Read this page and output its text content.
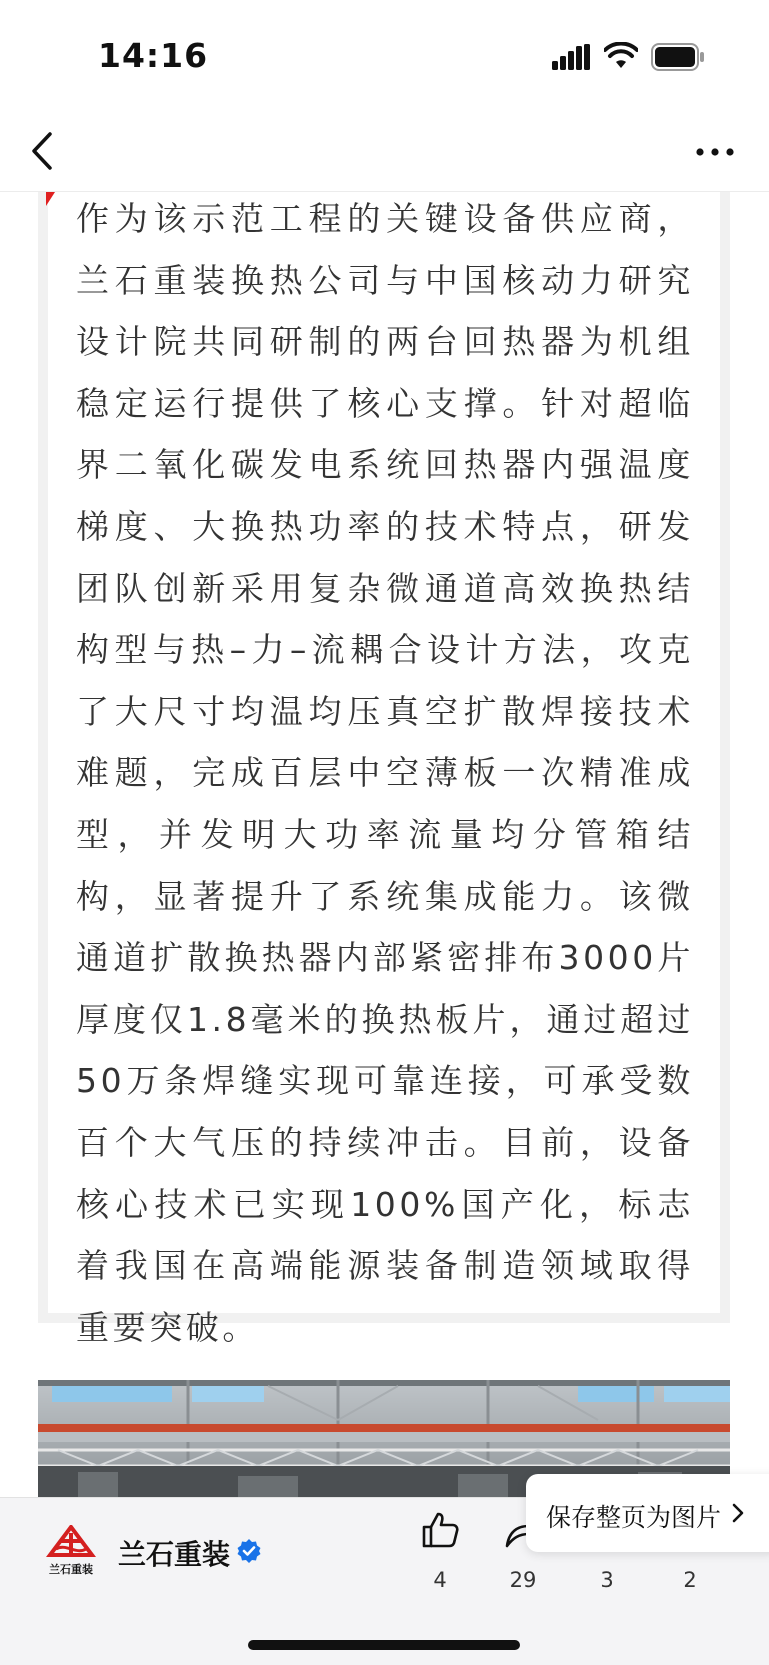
14:16
作为该示范工程的关键设备供应商，兰石重装换热公司与中国核动力研究设计院共同研制的两台回热器为机组稳定运行提供了核心支撑。针对超临界二氧化碳发电系统回热器内强温度梯度、大换热功率的技术特点，研发团队创新采用复杂微通道高效换热结构型与热–力–流耦合设计方法，攻克了大尺寸均温均压真空扩散焊接技术难题，完成百层中空薄板一次精准成型，并发明大功率流量均分管箱结构，显著提升了系统集成能力。该微通道扩散换热器内部紧密排布3000片厚度仅1.8毫米的换热板片，通过超过50万条焊缝实现可靠连接，可承受数百个大气压的持续冲击。目前，设备核心技术已实现100%国产化，标志着我国在高端能源装备制造领域取得重要突破。
兰石重装 兰石重装
4	29	3	2
保存整页为图片
